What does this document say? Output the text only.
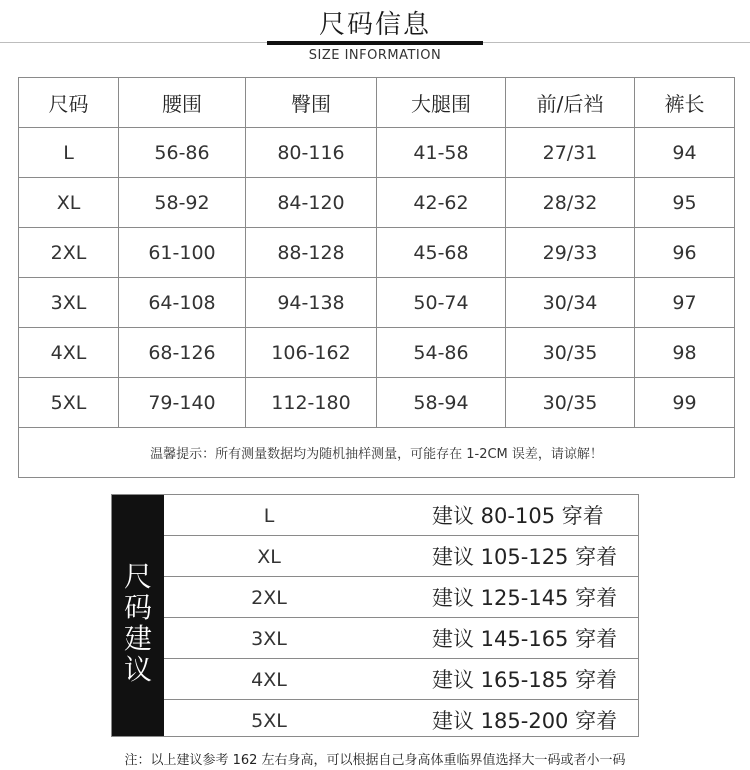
尺码信息
SIZE INFORMATION
尺码	腰围	臀围	大腿围	前/后裆	裤长
L	56-86	80-116	41-58	27/31	94
XL	58-92	84-120	42-62	28/32	95
2XL	61-100	88-128	45-68	29/33	96
3XL	64-108	94-138	50-74	30/34	97
4XL	68-126	106-162	54-86	30/35	98
5XL	79-140	112-180	58-94	30/35	99
温馨提示：所有测量数据均为随机抽样测量，可能存在 1-2CM 误差，请谅解！					
尺
码
建
议
L	建议 80-105 穿着
XL	建议 105-125 穿着
2XL	建议 125-145 穿着
3XL	建议 145-165 穿着
4XL	建议 165-185 穿着
5XL	建议 185-200 穿着
注：以上建议参考 162 左右身高，可以根据自己身高体重临界值选择大一码或者小一码
